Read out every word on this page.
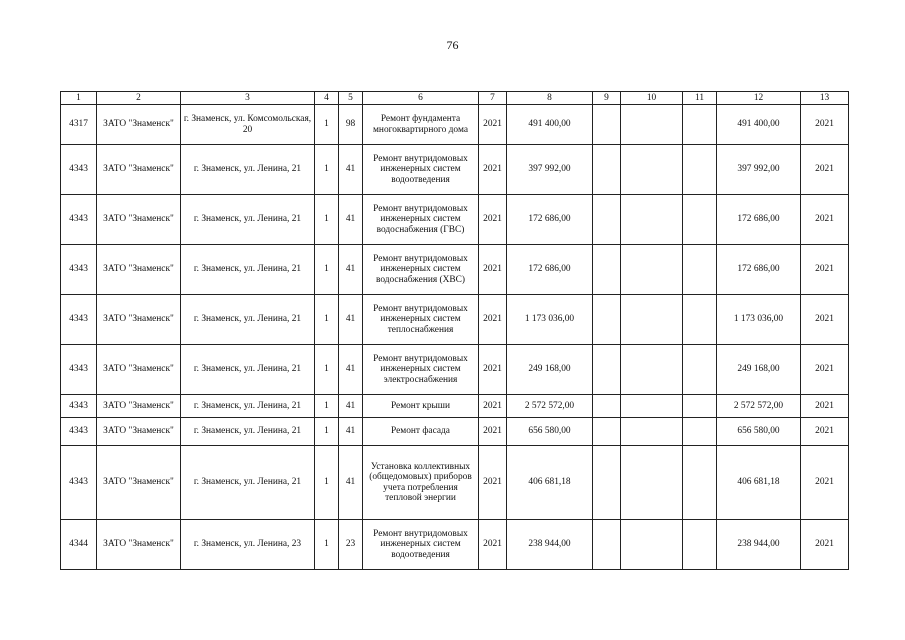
76
1	2	3	4	5	6	7	8	9	10	11	12	13
4317	ЗАТО "Знаменск"	г. Знаменск, ул. Комсомольская, 20	1	98	Ремонт фундамента многоквартирного дома	2021	491 400,00				491 400,00	2021
4343	ЗАТО "Знаменск"	г. Знаменск, ул. Ленина, 21	1	41	Ремонт внутридомовых инженерных систем водоотведения	2021	397 992,00				397 992,00	2021
4343	ЗАТО "Знаменск"	г. Знаменск, ул. Ленина, 21	1	41	Ремонт внутридомовых инженерных систем водоснабжения (ГВС)	2021	172 686,00				172 686,00	2021
4343	ЗАТО "Знаменск"	г. Знаменск, ул. Ленина, 21	1	41	Ремонт внутридомовых инженерных систем водоснабжения (ХВС)	2021	172 686,00				172 686,00	2021
4343	ЗАТО "Знаменск"	г. Знаменск, ул. Ленина, 21	1	41	Ремонт внутридомовых инженерных систем теплоснабжения	2021	1 173 036,00				1 173 036,00	2021
4343	ЗАТО "Знаменск"	г. Знаменск, ул. Ленина, 21	1	41	Ремонт внутридомовых инженерных систем электроснабжения	2021	249 168,00				249 168,00	2021
4343	ЗАТО "Знаменск"	г. Знаменск, ул. Ленина, 21	1	41	Ремонт крыши	2021	2 572 572,00				2 572 572,00	2021
4343	ЗАТО "Знаменск"	г. Знаменск, ул. Ленина, 21	1	41	Ремонт фасада	2021	656 580,00				656 580,00	2021
4343	ЗАТО "Знаменск"	г. Знаменск, ул. Ленина, 21	1	41	Установка коллективных (общедомовых) приборов учета потребления тепловой энергии	2021	406 681,18				406 681,18	2021
4344	ЗАТО "Знаменск"	г. Знаменск, ул. Ленина, 23	1	23	Ремонт внутридомовых инженерных систем водоотведения	2021	238 944,00				238 944,00	2021
